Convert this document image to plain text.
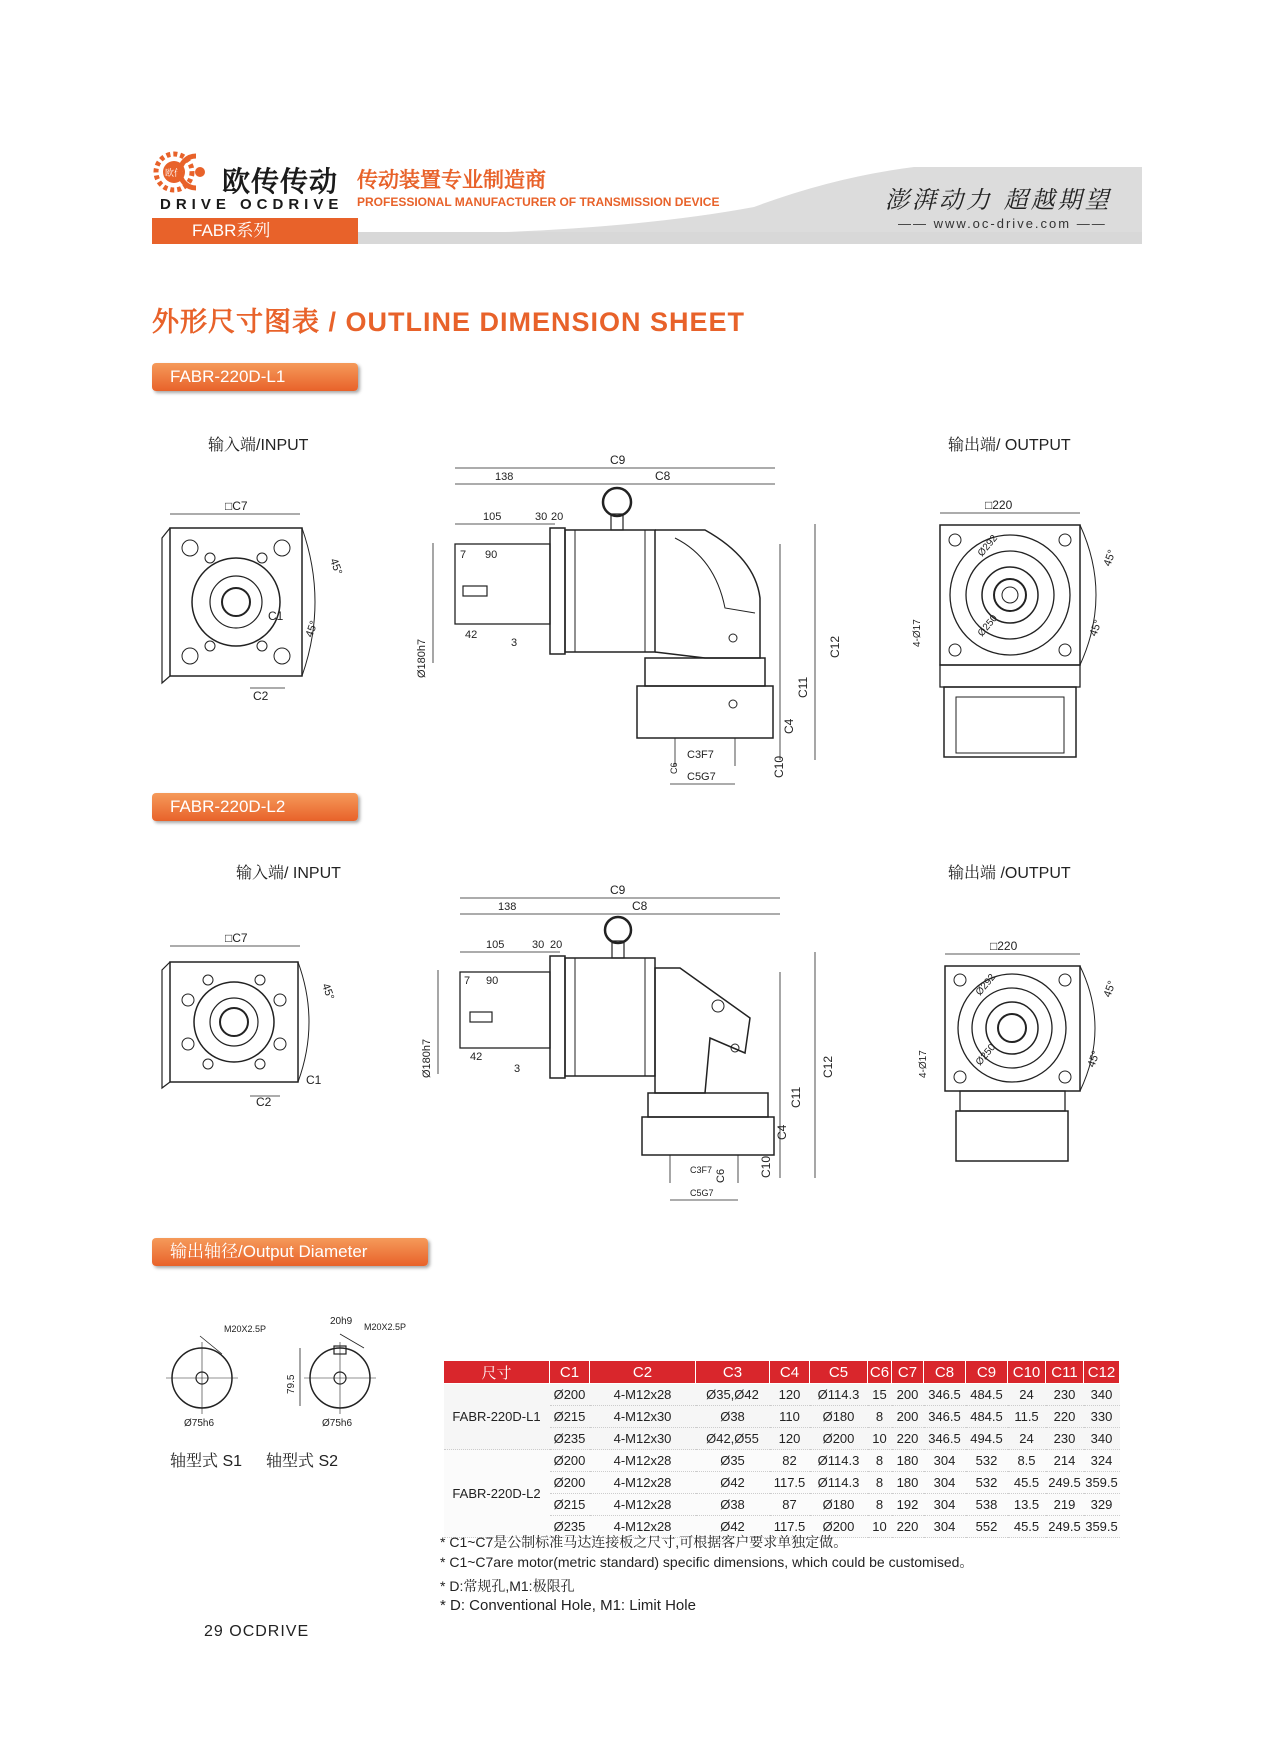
欧传 欧传传动
DRIVE OCDRIVE
传动装置专业制造商
PROFESSIONAL MANUFACTURER OF TRANSMISSION DEVICE	澎湃动力 超越期望
—— www.oc-drive.com ——
FABR系列
外形尺寸图表 / OUTLINE DIMENSION SHEET
FABR-220D-L1
输入端/INPUT	输出端/ OUTPUT
□C7
45°
45°
C1
C2
C9
C8
138
105	30 20
7 90
Ø180h7
42
3
C3F7
C5G7
C6
C12
C11
C4
C10
□220
Ø292
Ø250
45°
45°
4-Ø17
FABR-220D-L2
输入端/ INPUT	输出端 /OUTPUT
□C7
45°
C1
C2
C9
C8
138
105	30 20
7 90
Ø180h7	42
3
C3F7
C5G7
C6
C12
C11
C4
C10
□220
Ø292
Ø250
45°
45°
4-Ø17
输出轴径/Output Diameter
M20X2.5P
Ø75h6
轴型式 S1
20h9 M20X2.5P
79.5
Ø75h6
轴型式 S2
尺寸	C1	C2	C3	C4	C5	C6	C7	C8	C9	C10	C11	C12
FABR-220D-L1	Ø200	4-M12x28	Ø35,Ø42	120	Ø114.3	15	200	346.5	484.5	24	230	340
	Ø215	4-M12x30	Ø38	110	Ø180	8	200	346.5	484.5	11.5	220	330
	Ø235	4-M12x30	Ø42,Ø55	120	Ø200	10	220	346.5	494.5	24	230	340
FABR-220D-L2	Ø200	4-M12x28	Ø35	82	Ø114.3	8	180	304	532	8.5	214	324
	Ø200	4-M12x28	Ø42	117.5	Ø114.3	8	180	304	532	45.5	249.5	359.5
	Ø215	4-M12x28	Ø38	87	Ø180	8	192	304	538	13.5	219	329
	Ø235	4-M12x28	Ø42	117.5	Ø200	10	220	304	552	45.5	249.5	359.5
* C1~C7是公制标准马达连接板之尺寸,可根据客户要求单独定做。
* C1~C7are motor(metric standard) specific dimensions, which could be customised。
* D:常规孔,M1:极限孔
* D: Conventional Hole, M1: Limit Hole
29 OCDRIVE
